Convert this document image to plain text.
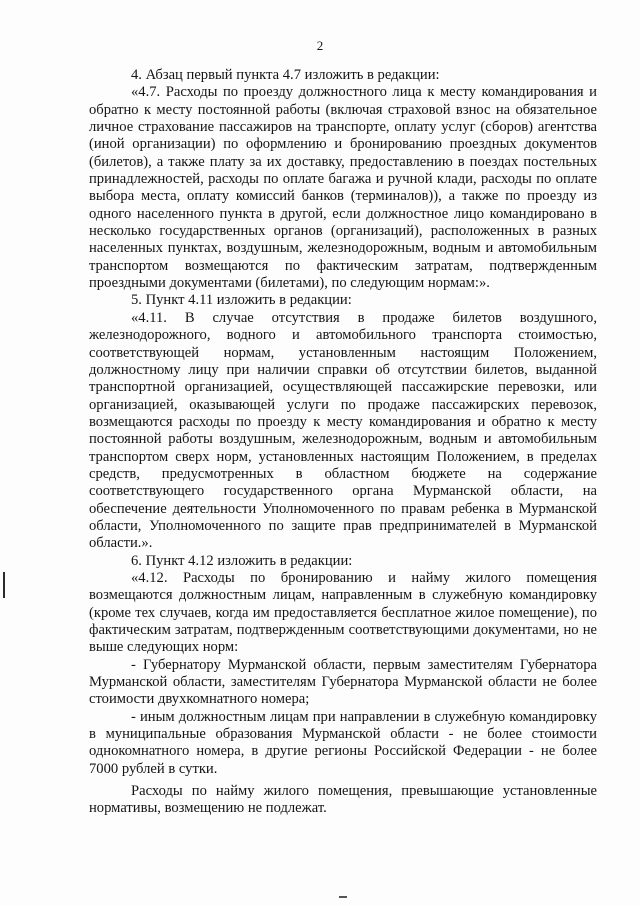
2

4. Абзац первый пункта 4.7 изложить в редакции:

«4.7. Расходы по проезду должностного лица к месту командирования и обратно к месту постоянной работы (включая страховой взнос на обязательное личное страхование пассажиров на транспорте, оплату услуг (сборов) агентства (иной организации) по оформлению и бронированию проездных документов (билетов), а также плату за их доставку, предоставлению в поездах постельных принадлежностей, расходы по оплате багажа и ручной клади, расходы по оплате выбора места, оплату комиссий банков (терминалов)), а также по проезду из одного населенного пункта в другой, если должностное лицо командировано в несколько государственных органов (организаций), расположенных в разных населенных пунктах, воздушным, железнодорожным, водным и автомобильным транспортом возмещаются по фактическим затратам, подтвержденным проездными документами (билетами), по следующим нормам:».

5. Пункт 4.11 изложить в редакции:

«4.11. В случае отсутствия в продаже билетов воздушного, железнодорожного, водного и автомобильного транспорта стоимостью, соответствующей нормам, установленным настоящим Положением, должностному лицу при наличии справки об отсутствии билетов, выданной транспортной организацией, осуществляющей пассажирские перевозки, или организацией, оказывающей услуги по продаже пассажирских перевозок, возмещаются расходы по проезду к месту командирования и обратно к месту постоянной работы воздушным, железнодорожным, водным и автомобильным транспортом сверх норм, установленных настоящим Положением, в пределах средств, предусмотренных в областном бюджете на содержание соответствующего государственного органа Мурманской области, на обеспечение деятельности Уполномоченного по правам ребенка в Мурманской области, Уполномоченного по защите прав предпринимателей в Мурманской области.».

6. Пункт 4.12 изложить в редакции:

«4.12. Расходы по бронированию и найму жилого помещения возмещаются должностным лицам, направленным в служебную командировку (кроме тех случаев, когда им предоставляется бесплатное жилое помещение), по фактическим затратам, подтвержденным соответствующими документами, но не выше следующих норм:

- Губернатору Мурманской области, первым заместителям Губернатора Мурманской области, заместителям Губернатора Мурманской области не более стоимости двухкомнатного номера;

- иным должностным лицам при направлении в служебную командировку в муниципальные образования Мурманской области - не более стоимости однокомнатного номера, в другие регионы Российской Федерации - не более 7000 рублей в сутки.

Расходы по найму жилого помещения, превышающие установленные нормативы, возмещению не подлежат.
